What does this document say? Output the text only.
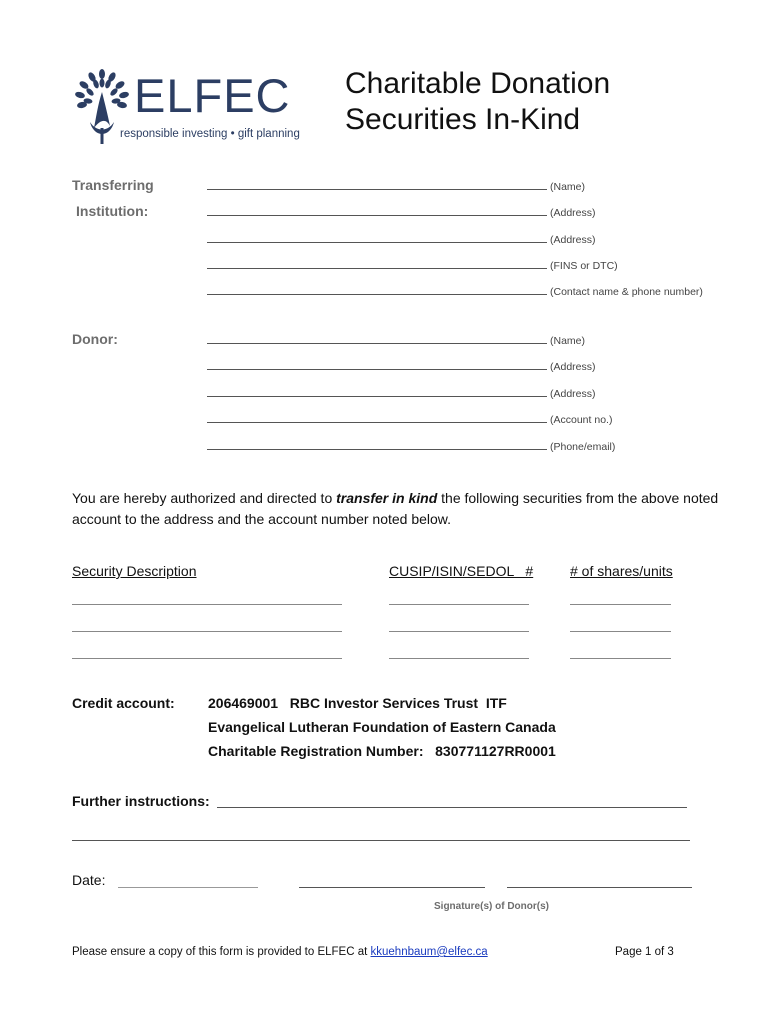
ELFEC
responsible investing • gift planning
Charitable Donation
Securities In-Kind
Transferring
Institution:
(Name)
(Address)
(Address)
(FINS or DTC)
(Contact name & phone number)
Donor:	(Name)
(Address)
(Address)
(Account no.)
(Phone/email)
You are hereby authorized and directed to transfer in kind the following securities from the above noted account to the address and the account number noted below.
Security Description	CUSIP/ISIN/SEDOL   #	# of shares/units
Credit account: 206469001   RBC Investor Services Trust  ITF
Evangelical Lutheran Foundation of Eastern Canada
Charitable Registration Number:   830771127RR0001
Further instructions:
Date:
Signature(s) of Donor(s)
Please ensure a copy of this form is provided to ELFEC at kkuehnbaum@elfec.ca	Page 1 of 3
